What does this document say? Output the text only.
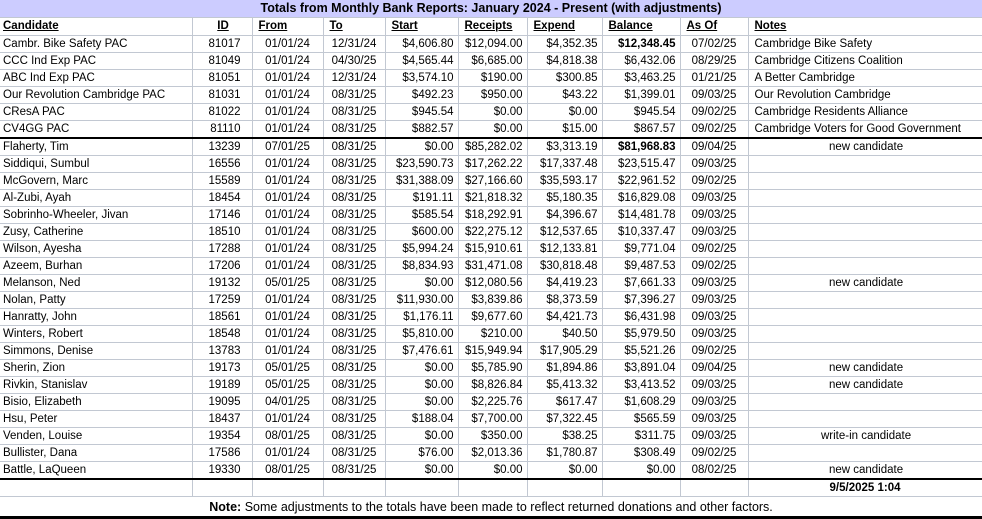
Totals from Monthly Bank Reports: January 2024 - Present (with adjustments)									
Candidate	ID	From	To	Start	Receipts	Expend	Balance	As Of	Notes
Cambr. Bike Safety PAC	81017	01/01/24	12/31/24	$4,606.80	$12,094.00	$4,352.35	$12,348.45	07/02/25	Cambridge Bike Safety
CCC Ind Exp PAC	81049	01/01/24	04/30/25	$4,565.44	$6,685.00	$4,818.38	$6,432.06	08/29/25	Cambridge Citizens Coalition
ABC Ind Exp PAC	81051	01/01/24	12/31/24	$3,574.10	$190.00	$300.85	$3,463.25	01/21/25	A Better Cambridge
Our Revolution Cambridge PAC	81031	01/01/24	08/31/25	$492.23	$950.00	$43.22	$1,399.01	09/03/25	Our Revolution Cambridge
CResA PAC	81022	01/01/24	08/31/25	$945.54	$0.00	$0.00	$945.54	09/02/25	Cambridge Residents Alliance
CV4GG PAC	81110	01/01/24	08/31/25	$882.57	$0.00	$15.00	$867.57	09/02/25	Cambridge Voters for Good Government
Flaherty, Tim	13239	07/01/25	08/31/25	$0.00	$85,282.02	$3,313.19	$81,968.83	09/04/25	new candidate
Siddiqui, Sumbul	16556	01/01/24	08/31/25	$23,590.73	$17,262.22	$17,337.48	$23,515.47	09/03/25	
McGovern, Marc	15589	01/01/24	08/31/25	$31,388.09	$27,166.60	$35,593.17	$22,961.52	09/02/25	
Al-Zubi, Ayah	18454	01/01/24	08/31/25	$191.11	$21,818.32	$5,180.35	$16,829.08	09/03/25	
Sobrinho-Wheeler, Jivan	17146	01/01/24	08/31/25	$585.54	$18,292.91	$4,396.67	$14,481.78	09/03/25	
Zusy, Catherine	18510	01/01/24	08/31/25	$600.00	$22,275.12	$12,537.65	$10,337.47	09/03/25	
Wilson, Ayesha	17288	01/01/24	08/31/25	$5,994.24	$15,910.61	$12,133.81	$9,771.04	09/02/25	
Azeem, Burhan	17206	01/01/24	08/31/25	$8,834.93	$31,471.08	$30,818.48	$9,487.53	09/02/25	
Melanson, Ned	19132	05/01/25	08/31/25	$0.00	$12,080.56	$4,419.23	$7,661.33	09/03/25	new candidate
Nolan, Patty	17259	01/01/24	08/31/25	$11,930.00	$3,839.86	$8,373.59	$7,396.27	09/03/25	
Hanratty, John	18561	01/01/24	08/31/25	$1,176.11	$9,677.60	$4,421.73	$6,431.98	09/03/25	
Winters, Robert	18548	01/01/24	08/31/25	$5,810.00	$210.00	$40.50	$5,979.50	09/03/25	
Simmons, Denise	13783	01/01/24	08/31/25	$7,476.61	$15,949.94	$17,905.29	$5,521.26	09/02/25	
Sherin, Zion	19173	05/01/25	08/31/25	$0.00	$5,785.90	$1,894.86	$3,891.04	09/04/25	new candidate
Rivkin, Stanislav	19189	05/01/25	08/31/25	$0.00	$8,826.84	$5,413.32	$3,413.52	09/03/25	new candidate
Bisio, Elizabeth	19095	04/01/25	08/31/25	$0.00	$2,225.76	$617.47	$1,608.29	09/03/25	
Hsu, Peter	18437	01/01/24	08/31/25	$188.04	$7,700.00	$7,322.45	$565.59	09/03/25	
Venden, Louise	19354	08/01/25	08/31/25	$0.00	$350.00	$38.25	$311.75	09/03/25	write-in candidate
Bullister, Dana	17586	01/01/24	08/31/25	$76.00	$2,013.36	$1,780.87	$308.49	09/02/25	
Battle, LaQueen	19330	08/01/25	08/31/25	$0.00	$0.00	$0.00	$0.00	08/02/25	new candidate
									9/5/2025 1:04
Note: Some adjustments to the totals have been made to reflect returned donations and other factors.									
